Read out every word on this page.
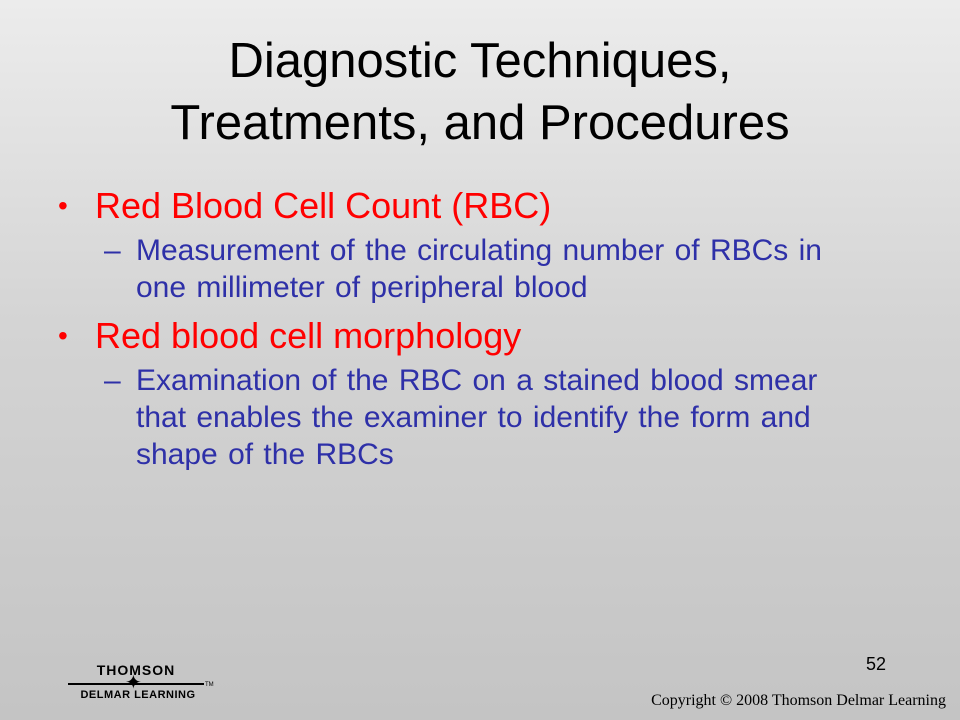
Diagnostic Techniques,
Treatments, and Procedures
• Red Blood Cell Count (RBC)
– Measurement of the circulating number of RBCs in one millimeter of peripheral blood
• Red blood cell morphology
– Examination of the RBC on a stained blood smear that enables the examiner to identify the form and shape of the RBCs
52
THOMSON
✦
DELMAR LEARNING
TM
Copyright © 2008 Thomson Delmar Learning
